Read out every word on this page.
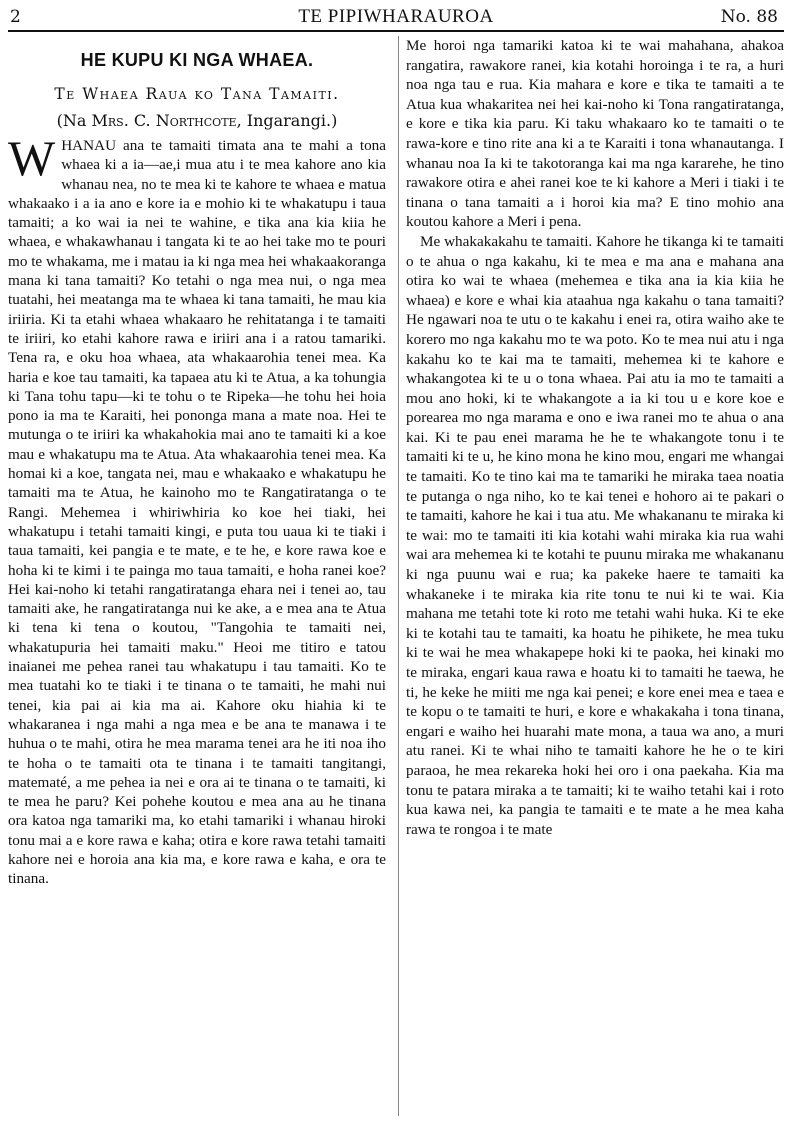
2	TE PIPIWHARAUROA	No. 88
HE KUPU KI NGA WHAEA.
Te Whaea Raua ko Tana Tamaiti.
(Na Mrs. C. Northcote, Ingarangi.)

WHANAU ana te tamaiti timata ana te mahi a tona whaea ki a ia—ae,i mua atu i te mea kahore ano kia whanau nea, no te mea ki te kahore te whaea e matua whakaako i a ia ano e kore ia e mohio ki te whakatupu i taua tamaiti; a ko wai ia nei te wahine, e tika ana kia kiia he whaea, e whakawhanau i tangata ki te ao hei take mo te pouri mo te whakama, me i matau ia ki nga mea hei whakaakoranga mana ki tana tamaiti? Ko tetahi o nga mea nui, o nga mea tuatahi, hei meatanga ma te whaea ki tana tamaiti, he mau kia iriiria. Ki ta etahi whaea whakaaro he rehitatanga i te tamaiti te iriiri, ko etahi kahore rawa e iriiri ana i a ratou tamariki. Tena ra, e oku hoa whaea, ata whakaarohia tenei mea. Ka haria e koe tau tamaiti, ka tapaea atu ki te Atua, a ka tohungia ki Tana tohu tapu—ki te tohu o te Ripeka—he tohu hei hoia pono ia ma te Karaiti, hei pononga mana a mate noa. Hei te mutunga o te iriiri ka whakahokia mai ano te tamaiti ki a koe mau e whakatupu ma te Atua. Ata whakaarohia tenei mea. Ka homai ki a koe, tangata nei, mau e whakaako e whakatupu he tamaiti ma te Atua, he kainoho mo te Rangatiratanga o te Rangi. Mehemea i whiriwhiria ko koe hei tiaki, hei whakatupu i tetahi tamaiti kingi, e puta tou uaua ki te tiaki i taua tamaiti, kei pangia e te mate, e te he, e kore rawa koe e hoha ki te kimi i te painga mo taua tamaiti, e hoha ranei koe? Hei kai-noho ki tetahi rangatiratanga ehara nei i tenei ao, tau tamaiti ake, he rangatiratanga nui ke ake, a e mea ana te Atua ki tena ki tena o koutou, "Tangohia te tamaiti nei, whakatupuria hei tamaiti maku." Heoi me titiro e tatou inaianei me pehea ranei tau whakatupu i tau tamaiti. Ko te mea tuatahi ko te tiaki i te tinana o te tamaiti, he mahi nui tenei, kia pai ai kia ma ai. Kahore oku hiahia ki te whakaranea i nga mahi a nga mea e be ana te manawa i te huhua o te mahi, otira he mea marama tenei ara he iti noa iho te hoha o te tamaiti ota te tinana i te tamaiti tangitangi, matematé, a me pehea ia nei e ora ai te tinana o te tamaiti, ki te mea he paru? Kei pohehe koutou e mea ana au he tinana ora katoa nga tamariki ma, ko etahi tamariki i whanau hiroki tonu mai a e kore rawa e kaha; otira e kore rawa tetahi tamaiti kahore nei e horoia ana kia ma, e kore rawa e kaha, e ora te tinana.

Me horoi nga tamariki katoa ki te wai mahahana, ahakoa rangatira, rawakore ranei, kia kotahi horoinga i te ra, a huri noa nga tau e rua. Kia mahara e kore e tika te tamaiti a te Atua kua whakaritea nei hei kai-noho ki Tona rangatiratanga, e kore e tika kia paru. Ki taku whakaaro ko te tamaiti o te rawa-kore e tino rite ana ki a te Karaiti i tona whanautanga. I whanau noa Ia ki te takotoranga kai ma nga kararehe, he tino rawakore otira e ahei ranei koe te ki kahore a Meri i tiaki i te tinana o tana tamaiti a i horoi kia ma? E tino mohio ana koutou kahore a Meri i pena.

Me whakakakahu te tamaiti. Kahore he tikanga ki te tamaiti o te ahua o nga kakahu, ki te mea e ma ana e mahana ana otira ko wai te whaea (mehemea e tika ana ia kia kiia he whaea) e kore e whai kia ataahua nga kakahu o tana tamaiti? He ngawari noa te utu o te kakahu i enei ra, otira waiho ake te korero mo nga kakahu mo te wa poto. Ko te mea nui atu i nga kakahu ko te kai ma te tamaiti, mehemea ki te kahore e whakangotea ki te u o tona whaea. Pai atu ia mo te tamaiti a mou ano hoki, ki te whakangote a ia ki tou u e kore koe e porearea mo nga marama e ono e iwa ranei mo te ahua o ana kai. Ki te pau enei marama he he te whakangote tonu i te tamaiti ki te u, he kino mona he kino mou, engari me whangai te tamaiti. Ko te tino kai ma te tamariki he miraka taea noatia te putanga o nga niho, ko te kai tenei e hohoro ai te pakari o te tamaiti, kahore he kai i tua atu. Me whakananu te miraka ki te wai: mo te tamaiti iti kia kotahi wahi miraka kia rua wahi wai ara mehemea ki te kotahi te puunu miraka me whakananu ki nga puunu wai e rua; ka pakeke haere te tamaiti ka whakaneke i te miraka kia rite tonu te nui ki te wai. Kia mahana me tetahi tote ki roto me tetahi wahi huka. Ki te eke ki te kotahi tau te tamaiti, ka hoatu he pihikete, he mea tuku ki te wai he mea whakapepe hoki ki te paoka, hei kinaki mo te miraka, engari kaua rawa e hoatu ki to tamaiti he taewa, he ti, he keke he miiti me nga kai penei; e kore enei mea e taea e te kopu o te tamaiti te huri, e kore e whakakaha i tona tinana, engari e waiho hei huarahi mate mona, a taua wa ano, a muri atu ranei. Ki te whai niho te tamaiti kahore he he o te kiri paraoa, he mea rekareka hoki hei oro i ona paekaha. Kia ma tonu te patara miraka a te tamaiti; ki te waiho tetahi kai i roto kua kawa nei, ka pangia te tamaiti e te mate a he mea kaha rawa te rongoa i te mate
